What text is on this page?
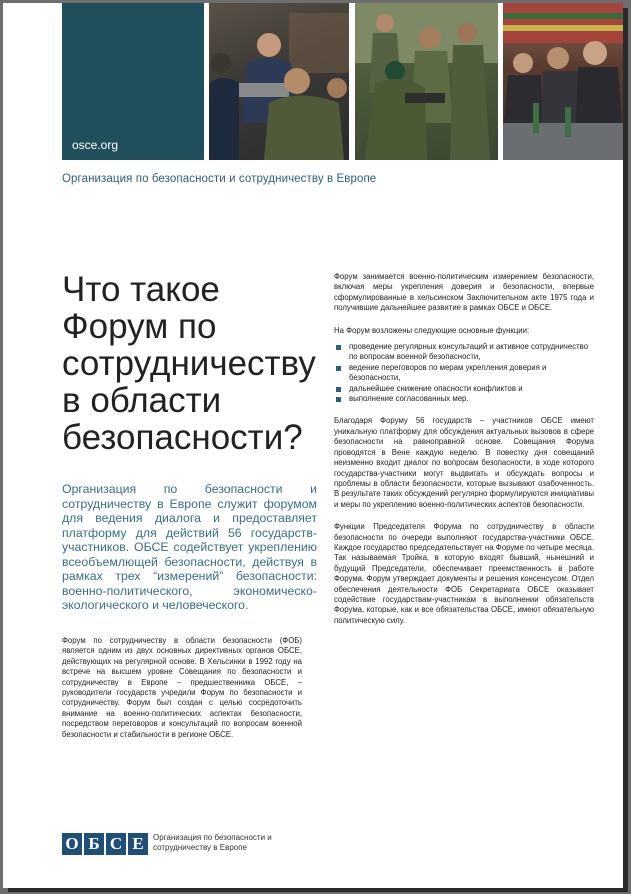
osce.org
Организация по безопасности и сотрудничеству в Европе
Что такое Форум по сотрудничеству в области безопасности?

Организация по безопасности и сотрудничеству в Европе служит форумом для ведения диалога и предоставляет платформу для действий 56 государств-участников. ОБСЕ содействует укреплению всеобъемлющей безопасности, действуя в рамках трех “измерений” безопасности: военно-политического, экономическо-экологического и человеческого.

Форум по сотрудничеству в области безопасности (ФОБ) является одним из двух основных директивных органов ОБСЕ, действующих на регулярной основе. В Хельсинки в 1992 году на встрече на высшем уровне Совещания по безопасности и сотрудничеству в Европе – предшественника ОБСЕ, – руководители государств учредили Форум по безопасности и сотрудничеству. Форум был создан с целью сосредоточить внимание на военно-политических аспектах безопасности, посредством переговоров и консультаций по вопросам военной безопасности и стабильности в регионе ОБСЕ.

Форум занимается военно-политическим измерением безопасности, включая меры укрепления доверия и безопасности, впервые сформулированные в хельсинском Заключительном акте 1975 года и получившие дальнейшее развитие в рамках ОБСЕ и ОБСЕ.

На Форум возложены следующие основные функции:

проведение регулярных консультаций и активное сотрудничество по вопросам военной безопасности,
ведение переговоров по мерам укрепления доверия и безопасности,
дальнейшее снижение опасности конфликтов и
выполнение согласованных мер.

Благодаря Форуму 56 государств – участников ОБСЕ имеют уникальную платформу для обсуждения актуальных вызовов в сфере безопасности на равноправной основе. Совещания Форума проводятся в Вене каждую неделю. В повестку дня совещаний неизменно входит диалог по вопросам безопасности, в ходе которого государства-участники могут выдвигать и обсуждать вопросы и проблемы в области безопасности, которые вызывают озабоченность. В результате таких обсуждений регулярно формулируются инициативы и меры по укреплению военно-политических аспектов безопасности.

Функции Председателя Форума по сотрудничеству в области безопасности по очереди выполняют государства-участники ОБСЕ. Каждое государство председательствует на Форуме по четыре месяца. Так называемая Тройка, в которую входят бывший, нынешний и будущий Председатели, обеспечивает преемственность в работе Форума. Форум утверждает документы и решения консенсусом. Отдел обеспечения деятельности ФОБ Секретариата ОБСЕ оказывает содействие государствам-участникам в выполнении обязательств Форума, которые, как и все обязательства ОБСЕ, имеют обязательную политическую силу.

О Б С Е	Организация по безопасности и сотрудничеству в Европе
